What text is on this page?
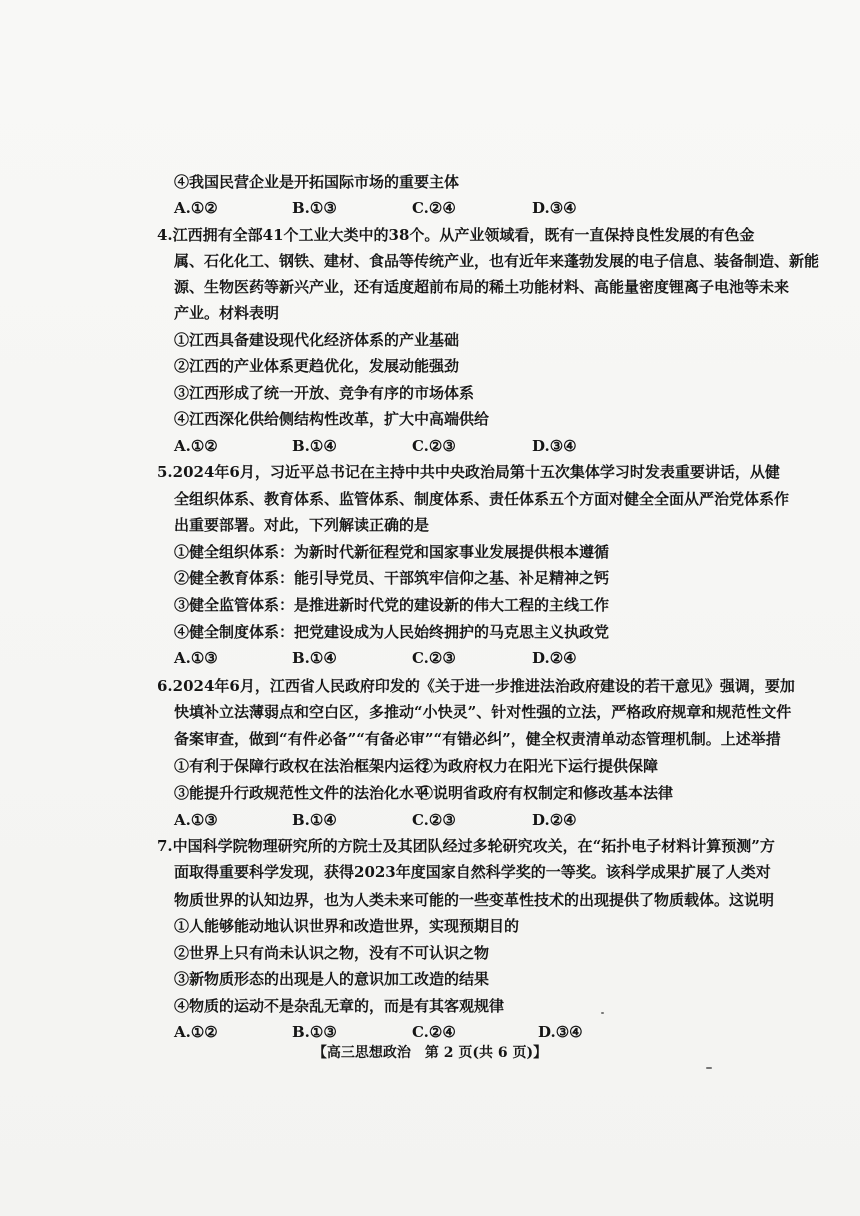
④我国民营企业是开拓国际市场的重要主体
A.①②	B.①③	C.②④	D.③④
4.江西拥有全部41个工业大类中的38个。从产业领域看，既有一直保持良性发展的有色金
属、石化化工、钢铁、建材、食品等传统产业，也有近年来蓬勃发展的电子信息、装备制造、新能
源、生物医药等新兴产业，还有适度超前布局的稀土功能材料、高能量密度锂离子电池等未来
产业。材料表明
①江西具备建设现代化经济体系的产业基础
②江西的产业体系更趋优化，发展动能强劲
③江西形成了统一开放、竞争有序的市场体系
④江西深化供给侧结构性改革，扩大中高端供给
A.①②	B.①④	C.②③	D.③④
5.2024年6月，习近平总书记在主持中共中央政治局第十五次集体学习时发表重要讲话，从健
全组织体系、教育体系、监管体系、制度体系、责任体系五个方面对健全全面从严治党体系作
出重要部署。对此，下列解读正确的是
①健全组织体系：为新时代新征程党和国家事业发展提供根本遵循
②健全教育体系：能引导党员、干部筑牢信仰之基、补足精神之钙
③健全监管体系：是推进新时代党的建设新的伟大工程的主线工作
④健全制度体系：把党建设成为人民始终拥护的马克思主义执政党
A.①③	B.①④	C.②③	D.②④
6.2024年6月，江西省人民政府印发的《关于进一步推进法治政府建设的若干意见》强调，要加
快填补立法薄弱点和空白区，多推动“小快灵”、针对性强的立法，严格政府规章和规范性文件
备案审查，做到“有件必备”“有备必审”“有错必纠”，健全权责清单动态管理机制。上述举措
①有利于保障行政权在法治框架内运行
②为政府权力在阳光下运行提供保障
③能提升行政规范性文件的法治化水平
④说明省政府有权制定和修改基本法律
A.①③	B.①④	C.②③	D.②④
7.中国科学院物理研究所的方院士及其团队经过多轮研究攻关，在“拓扑电子材料计算预测”方
面取得重要科学发现，获得2023年度国家自然科学奖的一等奖。该科学成果扩展了人类对
物质世界的认知边界，也为人类未来可能的一些变革性技术的出现提供了物质载体。这说明
①人能够能动地认识世界和改造世界，实现预期目的
②世界上只有尚未认识之物，没有不可认识之物
③新物质形态的出现是人的意识加工改造的结果
④物质的运动不是杂乱无章的，而是有其客观规律
A.①②	B.①③	C.②④	D.③④
【高三思想政治　第 2 页(共 6 页)】
